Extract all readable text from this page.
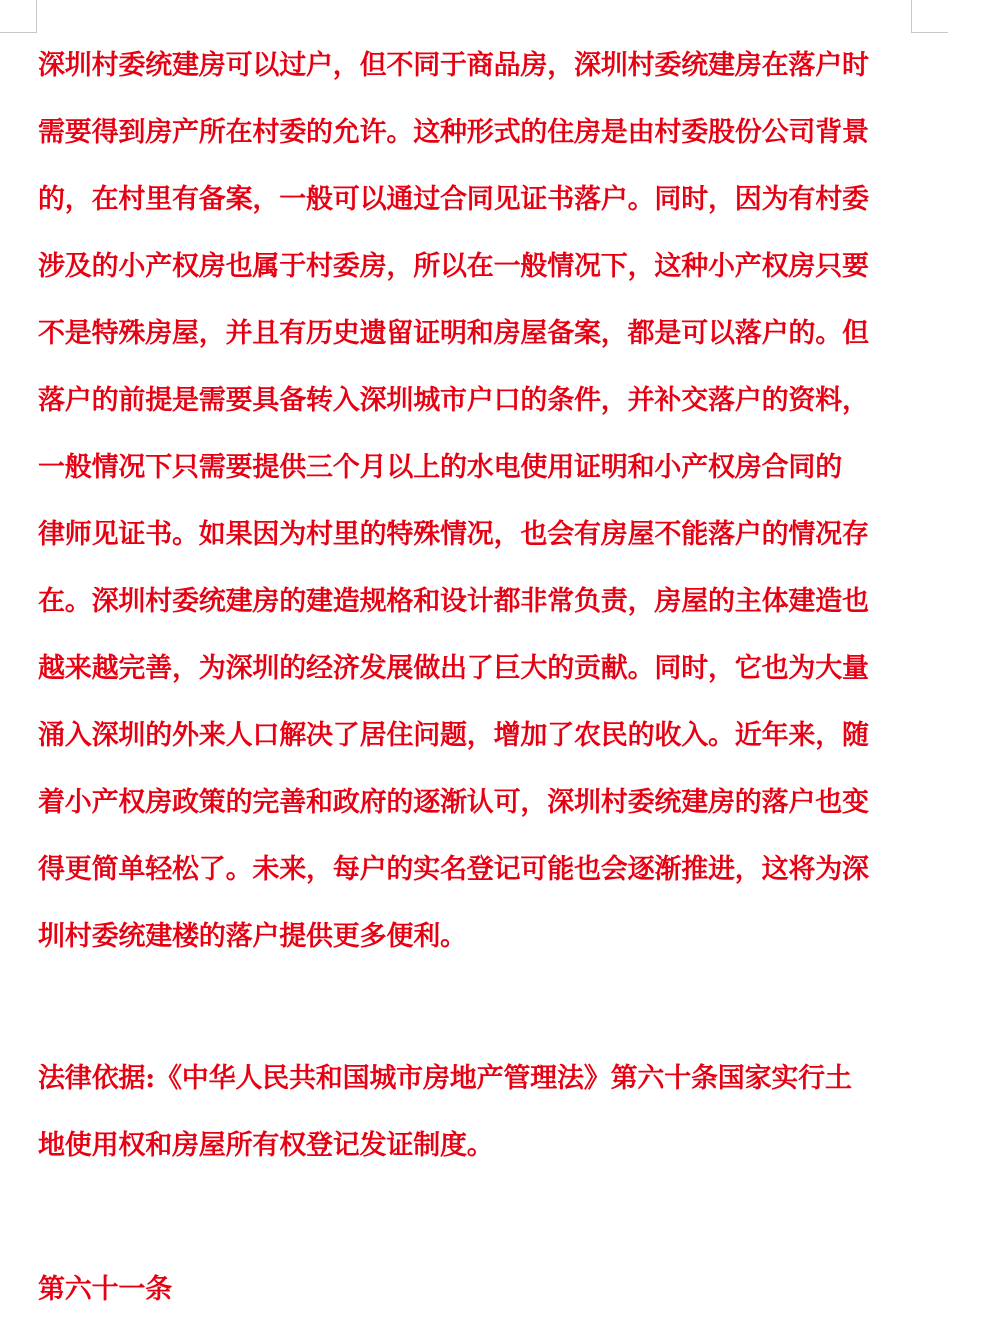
深圳村委统建房可以过户，但不同于商品房，深圳村委统建房在落户时
需要得到房产所在村委的允许。这种形式的住房是由村委股份公司背景
的，在村里有备案，一般可以通过合同见证书落户。同时，因为有村委
涉及的小产权房也属于村委房，所以在一般情况下，这种小产权房只要
不是特殊房屋，并且有历史遗留证明和房屋备案，都是可以落户的。但
落户的前提是需要具备转入深圳城市户口的条件，并补交落户的资料，
一般情况下只需要提供三个月以上的水电使用证明和小产权房合同的
律师见证书。如果因为村里的特殊情况，也会有房屋不能落户的情况存
在。深圳村委统建房的建造规格和设计都非常负责，房屋的主体建造也
越来越完善，为深圳的经济发展做出了巨大的贡献。同时，它也为大量
涌入深圳的外来人口解决了居住问题，增加了农民的收入。近年来，随
着小产权房政策的完善和政府的逐渐认可，深圳村委统建房的落户也变
得更简单轻松了。未来，每户的实名登记可能也会逐渐推进，这将为深
圳村委统建楼的落户提供更多便利。
法律依据:《中华人民共和国城市房地产管理法》第六十条国家实行土
地使用权和房屋所有权登记发证制度。
第六十一条
